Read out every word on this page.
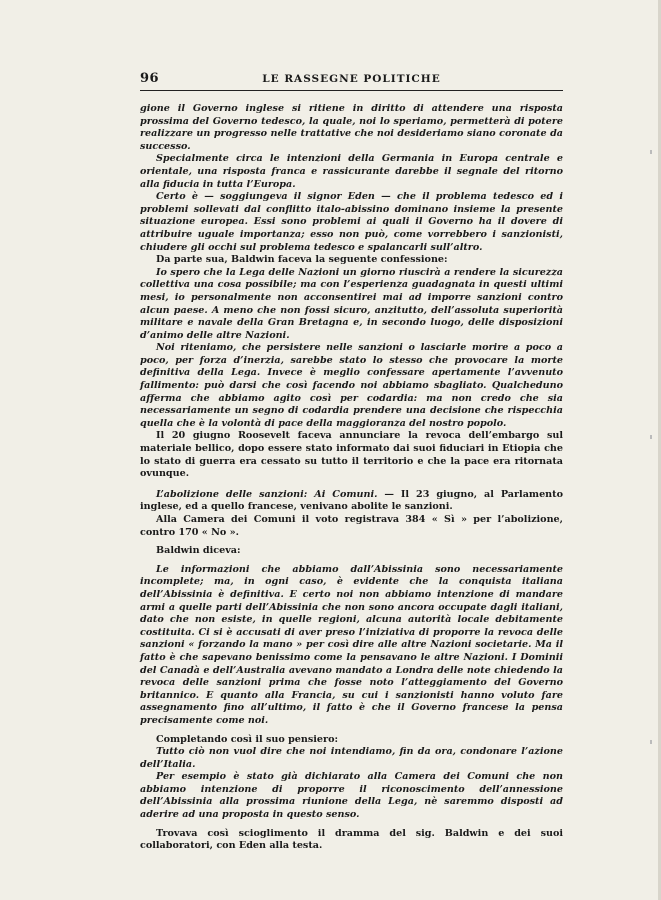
96	LE RASSEGNE POLITICHE

gione il Governo inglese si ritiene in diritto di attendere una risposta prossima del Governo tedesco, la quale, noi lo speriamo, permetterà di potere realizzare un progresso nelle trattative che noi desideriamo siano coronate da successo.

Specialmente circa le intenzioni della Germania in Europa centrale e orientale, una risposta franca e rassicurante darebbe il segnale del ritorno alla fiducia in tutta l’Europa.

Certo è — soggiungeva il signor Eden — che il problema tedesco ed i problemi sollevati dal conflitto italo-abissino dominano insieme la presente situazione europea. Essi sono problemi ai quali il Governo ha il dovere di attribuire uguale importanza; esso non può, come vorrebbero i sanzionisti, chiudere gli occhi sul problema tedesco e spalancarli sull’altro.

Da parte sua, Baldwin faceva la seguente confessione:

Io spero che la Lega delle Nazioni un giorno riuscirà a rendere la sicurezza collettiva una cosa possibile; ma con l’esperienza guadagnata in questi ultimi mesi, io personalmente non acconsentirei mai ad imporre sanzioni contro alcun paese. A meno che non fossi sicuro, anzitutto, dell’assoluta superiorità militare e navale della Gran Bretagna e, in secondo luogo, delle disposizioni d’animo delle altre Nazioni.

Noi riteniamo, che persistere nelle sanzioni o lasciarle morire a poco a poco, per forza d’inerzia, sarebbe stato lo stesso che provocare la morte definitiva della Lega. Invece è meglio confessare apertamente l’avvenuto fallimento: può darsi che così facendo noi abbiamo sbagliato. Qualcheduno afferma che abbiamo agito così per codardia: ma non credo che sia necessariamente un segno di codardia prendere una decisione che rispecchia quella che è la volontà di pace della maggioranza del nostro popolo.

Il 20 giugno Roosevelt faceva annunciare la revoca dell’embargo sul materiale bellico, dopo essere stato informato dai suoi fiduciari in Etiopia che lo stato di guerra era cessato su tutto il territorio e che la pace era ritornata ovunque.

L’abolizione delle sanzioni: Ai Comuni. — Il 23 giugno, al Parlamento inglese, ed a quello francese, venivano abolite le sanzioni.

Alla Camera dei Comuni il voto registrava 384 « Sì » per l’abolizione, contro 170 « No ».

Baldwin diceva:

Le informazioni che abbiamo dall’Abissinia sono necessariamente incomplete; ma, in ogni caso, è evidente che la conquista italiana dell’Abissinia è definitiva. E certo noi non abbiamo intenzione di mandare armi a quelle parti dell’Abissinia che non sono ancora occupate dagli italiani, dato che non esiste, in quelle regioni, alcuna autorità locale debitamente costituita. Ci si è accusati di aver preso l’iniziativa di proporre la revoca delle sanzioni « forzando la mano » per così dire alle altre Nazioni societarie. Ma il fatto è che sapevano benissimo come la pensavano le altre Nazioni. I Dominii del Canadà e dell’Australia avevano mandato a Londra delle note chiedendo la revoca delle sanzioni prima che fosse noto l’atteggiamento del Governo britannico. E quanto alla Francia, su cui i sanzionisti hanno voluto fare assegnamento fino all’ultimo, il fatto è che il Governo francese la pensa precisamente come noi.

Completando così il suo pensiero:

Tutto ciò non vuol dire che noi intendiamo, fin da ora, condonare l’azione dell’Italia.

Per esempio è stato già dichiarato alla Camera dei Comuni che non abbiamo intenzione di proporre il riconoscimento dell’annessione dell’Abissinia alla prossima riunione della Lega, nè saremmo disposti ad aderire ad una proposta in questo senso.

Trovava così scioglimento il dramma del sig. Baldwin e dei suoi collaboratori, con Eden alla testa.
